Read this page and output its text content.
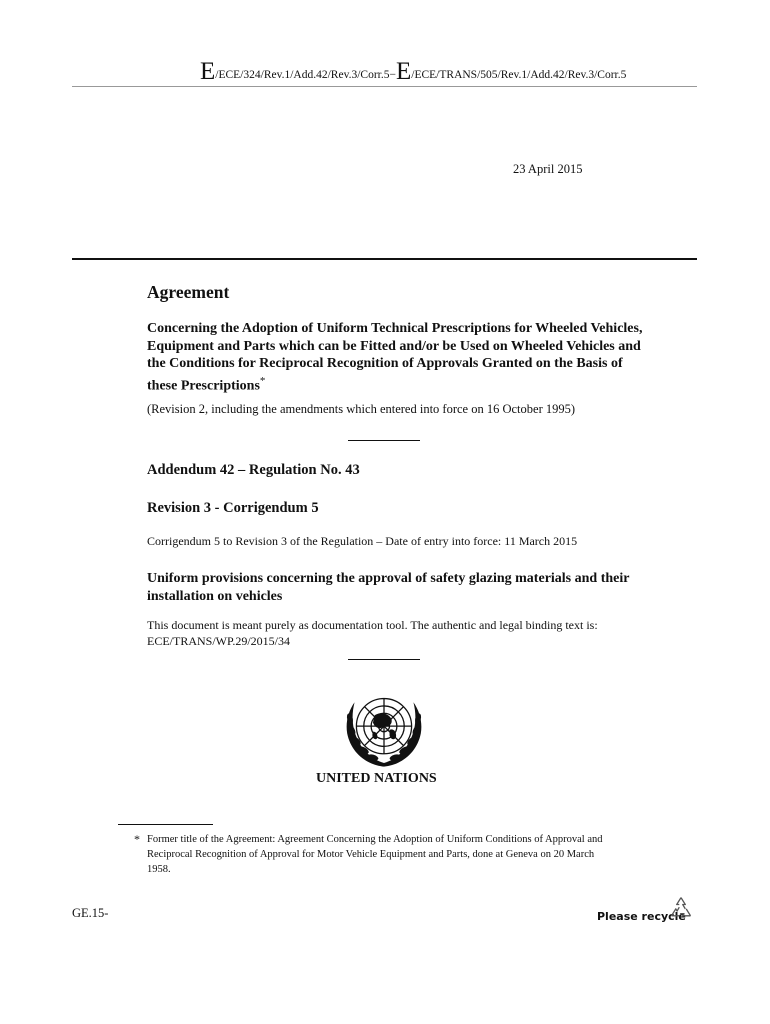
E/ECE/324/Rev.1/Add.42/Rev.3/Corr.5−E/ECE/TRANS/505/Rev.1/Add.42/Rev.3/Corr.5
23 April 2015
Agreement
Concerning the Adoption of Uniform Technical Prescriptions for Wheeled Vehicles, Equipment and Parts which can be Fitted and/or be Used on Wheeled Vehicles and the Conditions for Reciprocal Recognition of Approvals Granted on the Basis of these Prescriptions*
(Revision 2, including the amendments which entered into force on 16 October 1995)
Addendum 42 – Regulation No. 43
Revision 3 - Corrigendum 5
Corrigendum 5 to Revision 3 of the Regulation – Date of entry into force: 11 March 2015
Uniform provisions concerning the approval of safety glazing materials and their installation on vehicles
This document is meant purely as documentation tool. The authentic and legal binding text is:
ECE/TRANS/WP.29/2015/34
UNITED NATIONS
* Former title of the Agreement: Agreement Concerning the Adoption of Uniform Conditions of Approval and Reciprocal Recognition of Approval for Motor Vehicle Equipment and Parts, done at Geneva on 20 March 1958.
GE.15-	Please recycle
